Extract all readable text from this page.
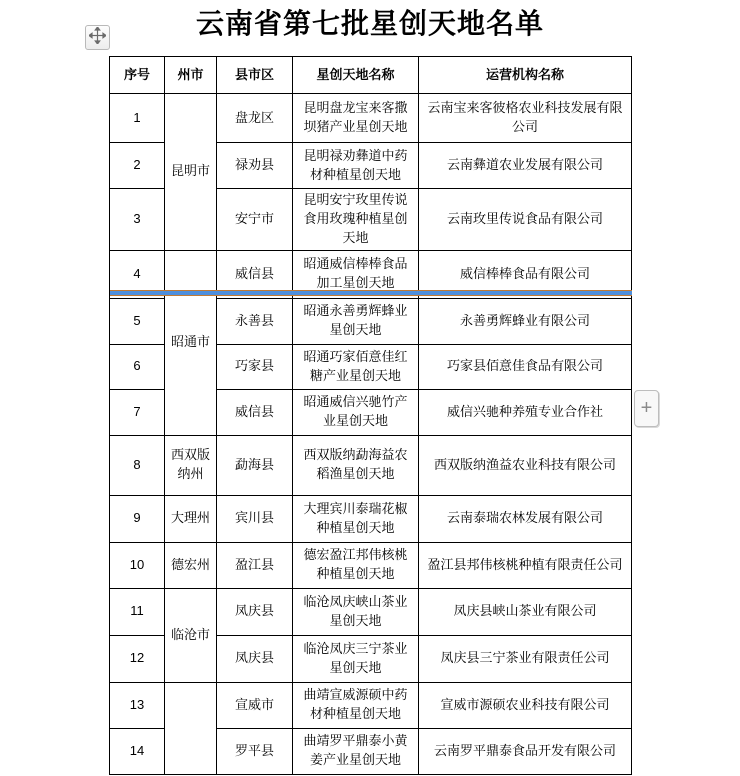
云南省第七批星创天地名单
序号	州市	县市区	星创天地名称	运营机构名称
1	昆明市	盘龙区	昆明盘龙宝来客撒坝猪产业星创天地	云南宝来客彼格农业科技发展有限公司
2		禄劝县	昆明禄劝彝道中药材种植星创天地	云南彝道农业发展有限公司
3		安宁市	昆明安宁玫里传说食用玫瑰种植星创天地	云南玫里传说食品有限公司
4	昭通市	威信县	昭通威信棒棒食品加工星创天地	威信棒棒食品有限公司
5		永善县	昭通永善勇辉蜂业星创天地	永善勇辉蜂业有限公司
6		巧家县	昭通巧家佰意佳红糖产业星创天地	巧家县佰意佳食品有限公司
7		威信县	昭通威信兴驰竹产业星创天地	威信兴驰种养殖专业合作社
8	西双版纳州	勐海县	西双版纳勐海益农稻渔星创天地	西双版纳渔益农业科技有限公司
9	大理州	宾川县	大理宾川泰瑞花椒种植星创天地	云南泰瑞农林发展有限公司
10	德宏州	盈江县	德宏盈江邦伟核桃种植星创天地	盈江县邦伟核桃种植有限责任公司
11	临沧市	凤庆县	临沧凤庆峡山茶业星创天地	凤庆县峡山茶业有限公司
12		凤庆县	临沧凤庆三宁茶业星创天地	凤庆县三宁茶业有限责任公司
13		宣威市	曲靖宣威源硕中药材种植星创天地	宣威市源硕农业科技有限公司
14		罗平县	曲靖罗平鼎泰小黄姜产业星创天地	云南罗平鼎泰食品开发有限公司
+
